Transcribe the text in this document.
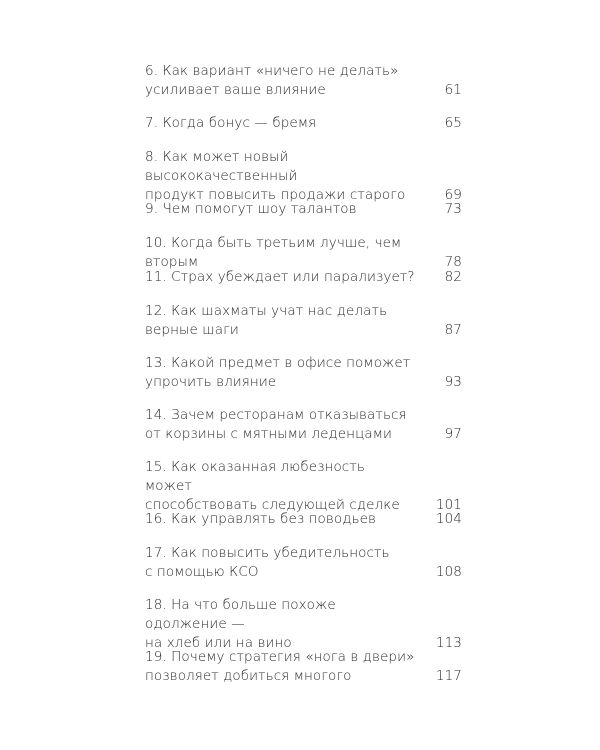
6. Как вариант «ничего не делать»
усиливает ваше влияние	61
7. Когда бонус — бремя	65
8. Как может новый высококачественный
продукт повысить продажи старого	69
9. Чем помогут шоу талантов	73
10. Когда быть третьим лучше, чем вторым	78
11. Страх убеждает или парализует? 82
12. Как шахматы учат нас делать
верные шаги	87
13. Какой предмет в офисе поможет
упрочить влияние	93
14. Зачем ресторанам отказываться
от корзины с мятными леденцами	97
15. Как оказанная любезность может
способствовать следующей сделке	101
16. Как управлять без поводьев	104
17. Как повысить убедительность
с помощью КСО	108
18. На что больше похоже одолжение —
на хлеб или на вино	113
19. Почему стратегия «нога в двери»
позволяет добиться многого	117
